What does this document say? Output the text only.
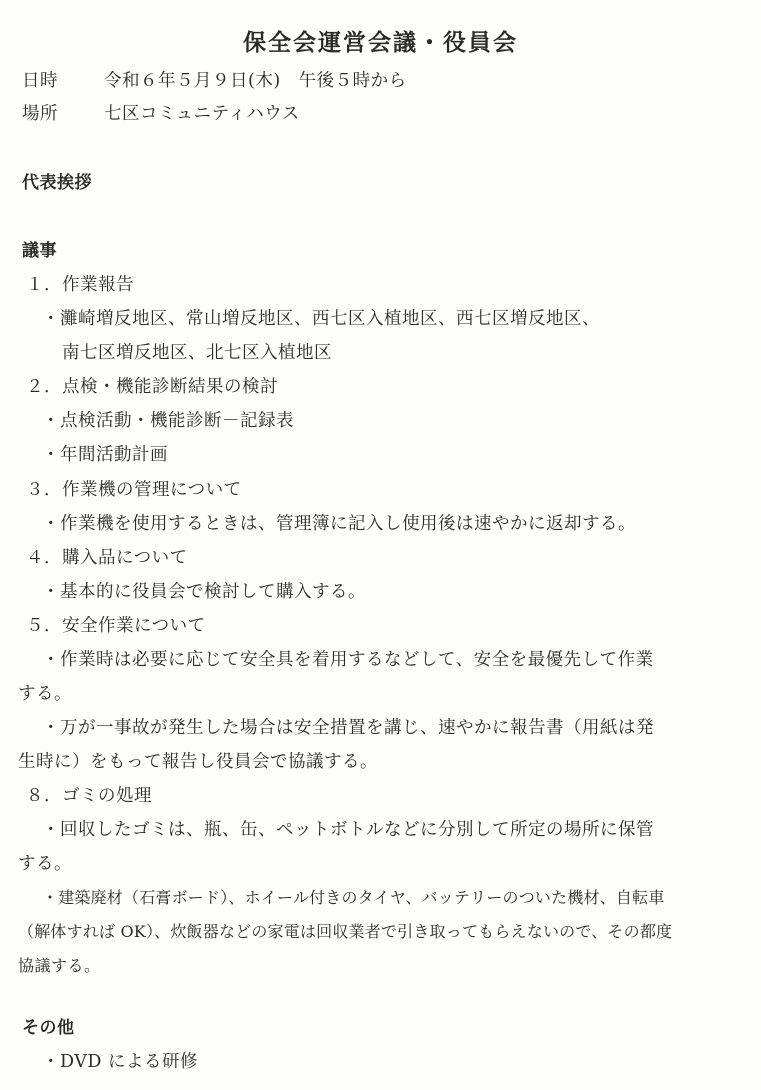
保全会運営会議・役員会
日時	令和６年５月９日(木)　午後５時から
場所	七区コミュニティハウス
代表挨拶
議事
１．作業報告
・灘崎増反地区、常山増反地区、西七区入植地区、西七区増反地区、
南七区増反地区、北七区入植地区
２．点検・機能診断結果の検討
・点検活動・機能診断－記録表
・年間活動計画
３．作業機の管理について
・作業機を使用するときは、管理簿に記入し使用後は速やかに返却する。
４．購入品について
・基本的に役員会で検討して購入する。
５．安全作業について
・作業時は必要に応じて安全具を着用するなどして、安全を最優先して作業
する。
・万が一事故が発生した場合は安全措置を講じ、速やかに報告書（用紙は発
生時に）をもって報告し役員会で協議する。
８．ゴミの処理
・回収したゴミは、瓶、缶、ペットボトルなどに分別して所定の場所に保管
する。
・建築廃材（石膏ボード）、ホイール付きのタイヤ、バッテリーのついた機材、自転車
（解体すれば OK）、炊飯器などの家電は回収業者で引き取ってもらえないので、その都度
協議する。
その他
・DVD による研修
